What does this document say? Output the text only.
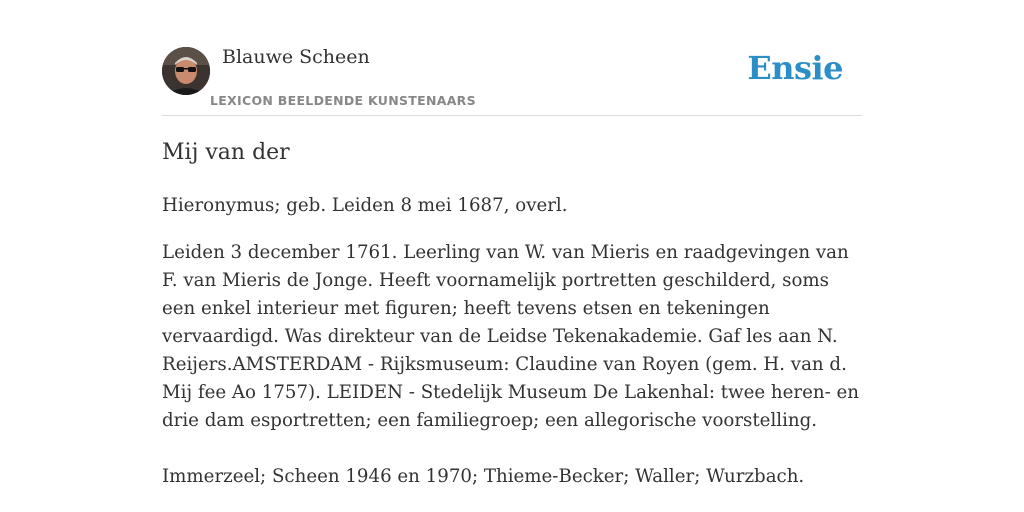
Blauwe Scheen
LEXICON BEELDENDE KUNSTENAARS
Ensie
Mij van der

Hieronymus; geb. Leiden 8 mei 1687, overl.

Leiden 3 december 1761. Leerling van W. van Mieris en raadgevingen van F. van Mieris de Jonge. Heeft voornamelijk portretten geschilderd, soms een enkel interieur met figuren; heeft tevens etsen en tekeningen vervaardigd. Was direkteur van de Leidse Tekenakademie. Gaf les aan N. Reijers.AMSTERDAM - Rijksmuseum: Claudine van Royen (gem. H. van d. Mij fee Ao 1757). LEIDEN - Stedelijk Museum De Lakenhal: twee heren- en drie dam esportretten; een familiegroep; een allegorische voorstelling.

Immerzeel; Scheen 1946 en 1970; Thieme-Becker; Waller; Wurzbach.
